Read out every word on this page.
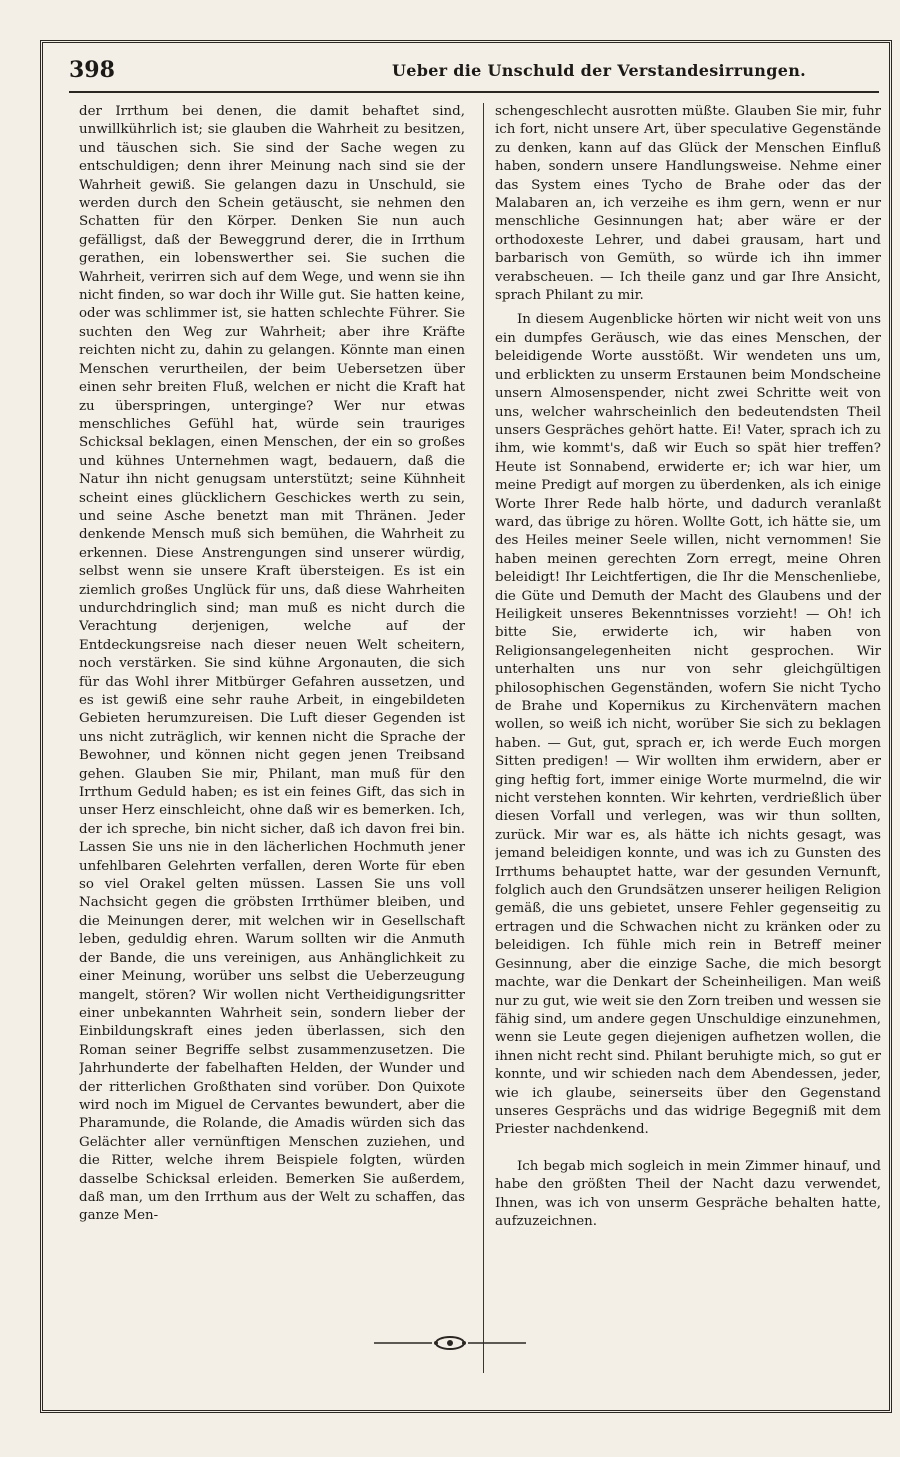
398	Ueber die Unschuld der Verstandesirrungen.

der Irrthum bei denen, die damit behaftet sind, unwillkührlich ist; sie glauben die Wahrheit zu besitzen, und täuschen sich. Sie sind der Sache wegen zu entschuldigen; denn ihrer Meinung nach sind sie der Wahrheit gewiß. Sie gelangen dazu in Unschuld, sie werden durch den Schein getäuscht, sie nehmen den Schatten für den Körper. Denken Sie nun auch gefälligst, daß der Beweggrund derer, die in Irrthum gerathen, ein lobenswerther sei. Sie suchen die Wahrheit, verirren sich auf dem Wege, und wenn sie ihn nicht finden, so war doch ihr Wille gut. Sie hatten keine, oder was schlimmer ist, sie hatten schlechte Führer. Sie suchten den Weg zur Wahrheit; aber ihre Kräfte reichten nicht zu, dahin zu gelangen. Könnte man einen Menschen verurtheilen, der beim Uebersetzen über einen sehr breiten Fluß, welchen er nicht die Kraft hat zu überspringen, unterginge? Wer nur etwas menschliches Gefühl hat, würde sein trauriges Schicksal beklagen, einen Menschen, der ein so großes und kühnes Unternehmen wagt, bedauern, daß die Natur ihn nicht genugsam unterstützt; seine Kühnheit scheint eines glücklichern Geschickes werth zu sein, und seine Asche benetzt man mit Thränen. Jeder denkende Mensch muß sich bemühen, die Wahrheit zu erkennen. Diese Anstrengungen sind unserer würdig, selbst wenn sie unsere Kraft übersteigen. Es ist ein ziemlich großes Unglück für uns, daß diese Wahrheiten undurchdringlich sind; man muß es nicht durch die Verachtung derjenigen, welche auf der Entdeckungsreise nach dieser neuen Welt scheitern, noch verstärken. Sie sind kühne Argonauten, die sich für das Wohl ihrer Mitbürger Gefahren aussetzen, und es ist gewiß eine sehr rauhe Arbeit, in eingebildeten Gebieten herumzureisen. Die Luft dieser Gegenden ist uns nicht zuträglich, wir kennen nicht die Sprache der Bewohner, und können nicht gegen jenen Treibsand gehen. Glauben Sie mir, Philant, man muß für den Irrthum Geduld haben; es ist ein feines Gift, das sich in unser Herz einschleicht, ohne daß wir es bemerken. Ich, der ich spreche, bin nicht sicher, daß ich davon frei bin. Lassen Sie uns nie in den lächerlichen Hochmuth jener unfehlbaren Gelehrten verfallen, deren Worte für eben so viel Orakel gelten müssen. Lassen Sie uns voll Nachsicht gegen die gröbsten Irrthümer bleiben, und die Meinungen derer, mit welchen wir in Gesellschaft leben, geduldig ehren. Warum sollten wir die Anmuth der Bande, die uns vereinigen, aus Anhänglichkeit zu einer Meinung, worüber uns selbst die Ueberzeugung mangelt, stören? Wir wollen nicht Vertheidigungsritter einer unbekannten Wahrheit sein, sondern lieber der Einbildungskraft eines jeden überlassen, sich den Roman seiner Begriffe selbst zusammenzusetzen. Die Jahrhunderte der fabelhaften Helden, der Wunder und der ritterlichen Großthaten sind vorüber. Don Quixote wird noch im Miguel de Cervantes bewundert, aber die Pharamunde, die Rolande, die Amadis würden sich das Gelächter aller vernünftigen Menschen zuziehen, und die Ritter, welche ihrem Beispiele folgten, würden dasselbe Schicksal erleiden. Bemerken Sie außerdem, daß man, um den Irrthum aus der Welt zu schaffen, das ganze Men-

schengeschlecht ausrotten müßte. Glauben Sie mir, fuhr ich fort, nicht unsere Art, über speculative Gegenstände zu denken, kann auf das Glück der Menschen Einfluß haben, sondern unsere Handlungsweise. Nehme einer das System eines Tycho de Brahe oder das der Malabaren an, ich verzeihe es ihm gern, wenn er nur menschliche Gesinnungen hat; aber wäre er der orthodoxeste Lehrer, und dabei grausam, hart und barbarisch von Gemüth, so würde ich ihn immer verabscheuen. — Ich theile ganz und gar Ihre Ansicht, sprach Philant zu mir.

In diesem Augenblicke hörten wir nicht weit von uns ein dumpfes Geräusch, wie das eines Menschen, der beleidigende Worte ausstößt. Wir wendeten uns um, und erblickten zu unserm Erstaunen beim Mondscheine unsern Almosenspender, nicht zwei Schritte weit von uns, welcher wahrscheinlich den bedeutendsten Theil unsers Gespräches gehört hatte. Ei! Vater, sprach ich zu ihm, wie kommt's, daß wir Euch so spät hier treffen? Heute ist Sonnabend, erwiderte er; ich war hier, um meine Predigt auf morgen zu überdenken, als ich einige Worte Ihrer Rede halb hörte, und dadurch veranlaßt ward, das übrige zu hören. Wollte Gott, ich hätte sie, um des Heiles meiner Seele willen, nicht vernommen! Sie haben meinen gerechten Zorn erregt, meine Ohren beleidigt! Ihr Leichtfertigen, die Ihr die Menschenliebe, die Güte und Demuth der Macht des Glaubens und der Heiligkeit unseres Bekenntnisses vorzieht! — Oh! ich bitte Sie, erwiderte ich, wir haben von Religionsangelegenheiten nicht gesprochen. Wir unterhalten uns nur von sehr gleichgültigen philosophischen Gegenständen, wofern Sie nicht Tycho de Brahe und Kopernikus zu Kirchenvätern machen wollen, so weiß ich nicht, worüber Sie sich zu beklagen haben. — Gut, gut, sprach er, ich werde Euch morgen Sitten predigen! — Wir wollten ihm erwidern, aber er ging heftig fort, immer einige Worte murmelnd, die wir nicht verstehen konnten. Wir kehrten, verdrießlich über diesen Vorfall und verlegen, was wir thun sollten, zurück. Mir war es, als hätte ich nichts gesagt, was jemand beleidigen konnte, und was ich zu Gunsten des Irrthums behauptet hatte, war der gesunden Vernunft, folglich auch den Grundsätzen unserer heiligen Religion gemäß, die uns gebietet, unsere Fehler gegenseitig zu ertragen und die Schwachen nicht zu kränken oder zu beleidigen. Ich fühle mich rein in Betreff meiner Gesinnung, aber die einzige Sache, die mich besorgt machte, war die Denkart der Scheinheiligen. Man weiß nur zu gut, wie weit sie den Zorn treiben und wessen sie fähig sind, um andere gegen Unschuldige einzunehmen, wenn sie Leute gegen diejenigen aufhetzen wollen, die ihnen nicht recht sind. Philant beruhigte mich, so gut er konnte, und wir schieden nach dem Abendessen, jeder, wie ich glaube, seinerseits über den Gegenstand unseres Gesprächs und das widrige Begegniß mit dem Priester nachdenkend.

Ich begab mich sogleich in mein Zimmer hinauf, und habe den größten Theil der Nacht dazu verwendet, Ihnen, was ich von unserm Gespräche behalten hatte, aufzuzeichnen.
